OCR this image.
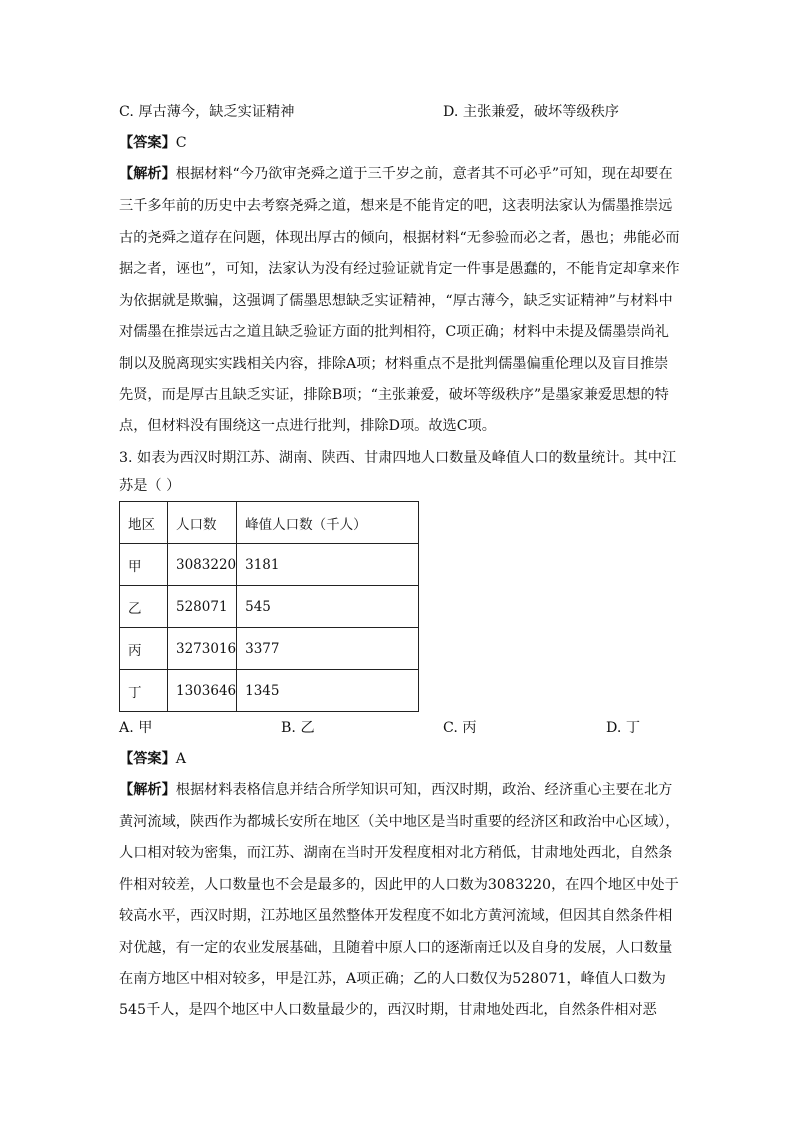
C. 厚古薄今，缺乏实证精神	D. 主张兼爱，破坏等级秩序
【答案】C
【解析】根据材料“今乃欲审尧舜之道于三千岁之前，意者其不可必乎”可知，现在却要在
三千多年前的历史中去考察尧舜之道，想来是不能肯定的吧，这表明法家认为儒墨推崇远
古的尧舜之道存在问题，体现出厚古的倾向，根据材料“无参验而必之者，愚也；弗能必而
据之者，诬也”，可知，法家认为没有经过验证就肯定一件事是愚蠢的，不能肯定却拿来作
为依据就是欺骗，这强调了儒墨思想缺乏实证精神，“厚古薄今，缺乏实证精神”与材料中
对儒墨在推崇远古之道且缺乏验证方面的批判相符，C项正确；材料中未提及儒墨崇尚礼
制以及脱离现实实践相关内容，排除A项；材料重点不是批判儒墨偏重伦理以及盲目推崇
先贤，而是厚古且缺乏实证，排除B项；“主张兼爱，破坏等级秩序”是墨家兼爱思想的特
点，但材料没有围绕这一点进行批判，排除D项。故选C项。
3. 如表为西汉时期江苏、湖南、陕西、甘肃四地人口数量及峰值人口的数量统计。其中江
苏是（ ）
地区	人口数	峰值人口数（千人）
甲	3083220	3181
乙	528071	545
丙	3273016	3377
丁	1303646	1345
A. 甲	B. 乙	C. 丙	D. 丁
【答案】A
【解析】根据材料表格信息并结合所学知识可知，西汉时期，政治、经济重心主要在北方
黄河流域，陕西作为都城长安所在地区（关中地区是当时重要的经济区和政治中心区域），
人口相对较为密集，而江苏、湖南在当时开发程度相对北方稍低，甘肃地处西北，自然条
件相对较差，人口数量也不会是最多的，因此甲的人口数为3083220，在四个地区中处于
较高水平，西汉时期，江苏地区虽然整体开发程度不如北方黄河流域，但因其自然条件相
对优越，有一定的农业发展基础，且随着中原人口的逐渐南迁以及自身的发展，人口数量
在南方地区中相对较多，甲是江苏，A项正确；乙的人口数仅为528071，峰值人口数为
545千人，是四个地区中人口数量最少的，西汉时期，甘肃地处西北，自然条件相对恶
